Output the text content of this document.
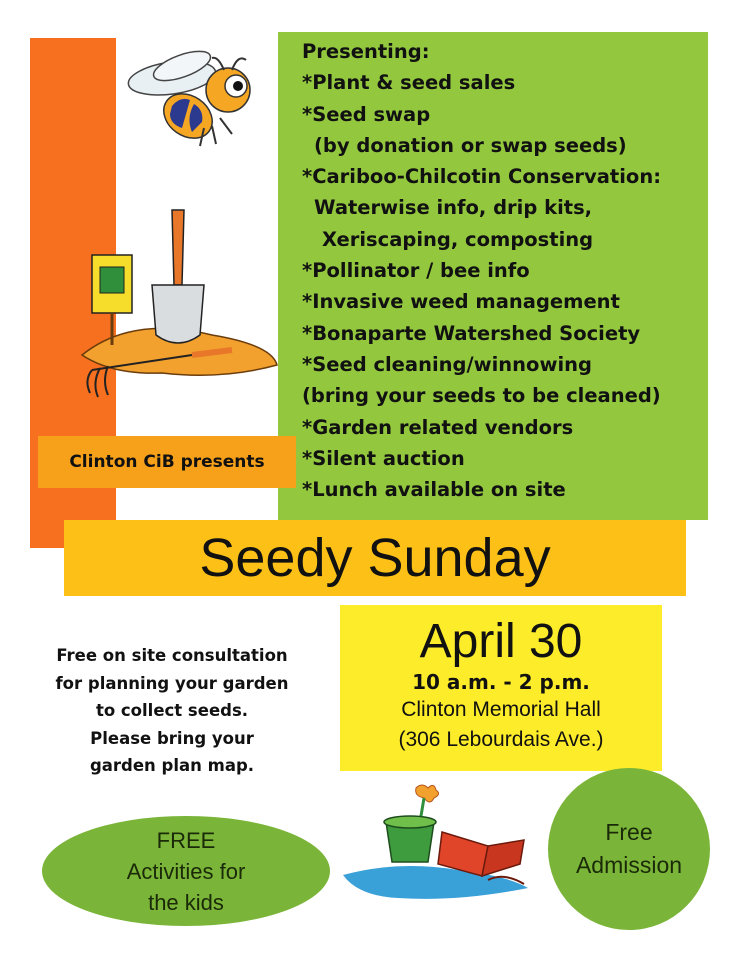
Presenting:
*Plant & seed sales
*Seed swap
(by donation or swap seeds)
*Cariboo-Chilcotin Conservation:
Waterwise info, drip kits,
Xeriscaping, composting
*Pollinator / bee info
*Invasive weed management
*Bonaparte Watershed Society
*Seed cleaning/winnowing
(bring your seeds to be cleaned)
*Garden related vendors
*Silent auction
*Lunch available on site
Clinton CiB presents
Seedy Sunday
April 30
10 a.m. - 2 p.m.
Clinton Memorial Hall
(306 Lebourdais Ave.)
Free on site consultation
for planning your garden
to collect seeds.
Please bring your
garden plan map.
FREE
Activities for
the kids
Free
Admission
